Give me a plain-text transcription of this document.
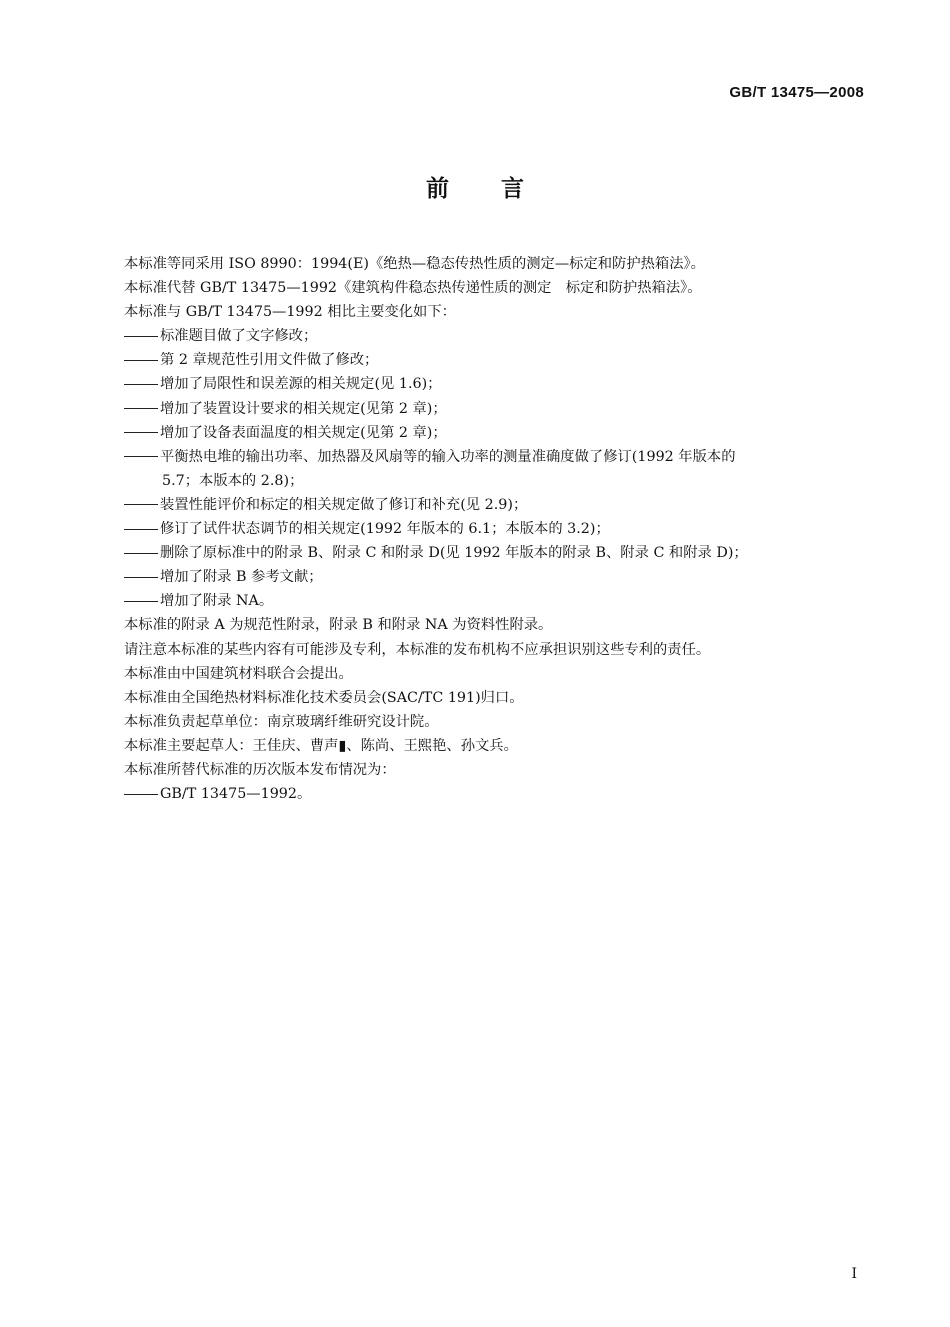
GB/T 13475—2008
前言
本标准等同采用 ISO 8990：1994(E)《绝热—稳态传热性质的测定—标定和防护热箱法》。
本标准代替 GB/T 13475—1992《建筑构件稳态热传递性质的测定　标定和防护热箱法》。
本标准与 GB/T 13475—1992 相比主要变化如下：
标准题目做了文字修改；
第 2 章规范性引用文件做了修改；
增加了局限性和误差源的相关规定(见 1.6)；
增加了装置设计要求的相关规定(见第 2 章)；
增加了设备表面温度的相关规定(见第 2 章)；
平衡热电堆的输出功率、加热器及风扇等的输入功率的测量准确度做了修订(1992 年版本的
5.7；本版本的 2.8)；
装置性能评价和标定的相关规定做了修订和补充(见 2.9)；
修订了试件状态调节的相关规定(1992 年版本的 6.1；本版本的 3.2)；
删除了原标准中的附录 B、附录 C 和附录 D(见 1992 年版本的附录 B、附录 C 和附录 D)；
增加了附录 B 参考文献；
增加了附录 NA。
本标准的附录 A 为规范性附录，附录 B 和附录 NA 为资料性附录。
请注意本标准的某些内容有可能涉及专利，本标准的发布机构不应承担识别这些专利的责任。
本标准由中国建筑材料联合会提出。
本标准由全国绝热材料标准化技术委员会(SAC/TC 191)归口。
本标准负责起草单位：南京玻璃纤维研究设计院。
本标准主要起草人：王佳庆、曹声▮、陈尚、王熙艳、孙文兵。
本标准所替代标准的历次版本发布情况为：
GB/T 13475—1992。
I
